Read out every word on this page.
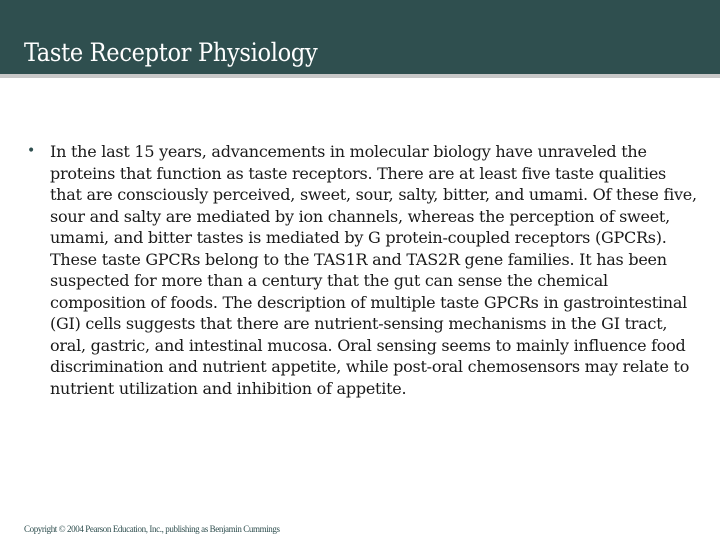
Taste Receptor Physiology
• In the last 15 years, advancements in molecular biology have unraveled the proteins that function as taste receptors. There are at least five taste qualities that are consciously perceived, sweet, sour, salty, bitter, and umami. Of these five, sour and salty are mediated by ion channels, whereas the perception of sweet, umami, and bitter tastes is mediated by G protein-coupled receptors (GPCRs). These taste GPCRs belong to the TAS1R and TAS2R gene families. It has been suspected for more than a century that the gut can sense the chemical composition of foods. The description of multiple taste GPCRs in gastrointestinal (GI) cells suggests that there are nutrient-sensing mechanisms in the GI tract, oral, gastric, and intestinal mucosa. Oral sensing seems to mainly influence food discrimination and nutrient appetite, while post-oral chemosensors may relate to nutrient utilization and inhibition of appetite.
Copyright © 2004 Pearson Education, Inc., publishing as Benjamin Cummings
